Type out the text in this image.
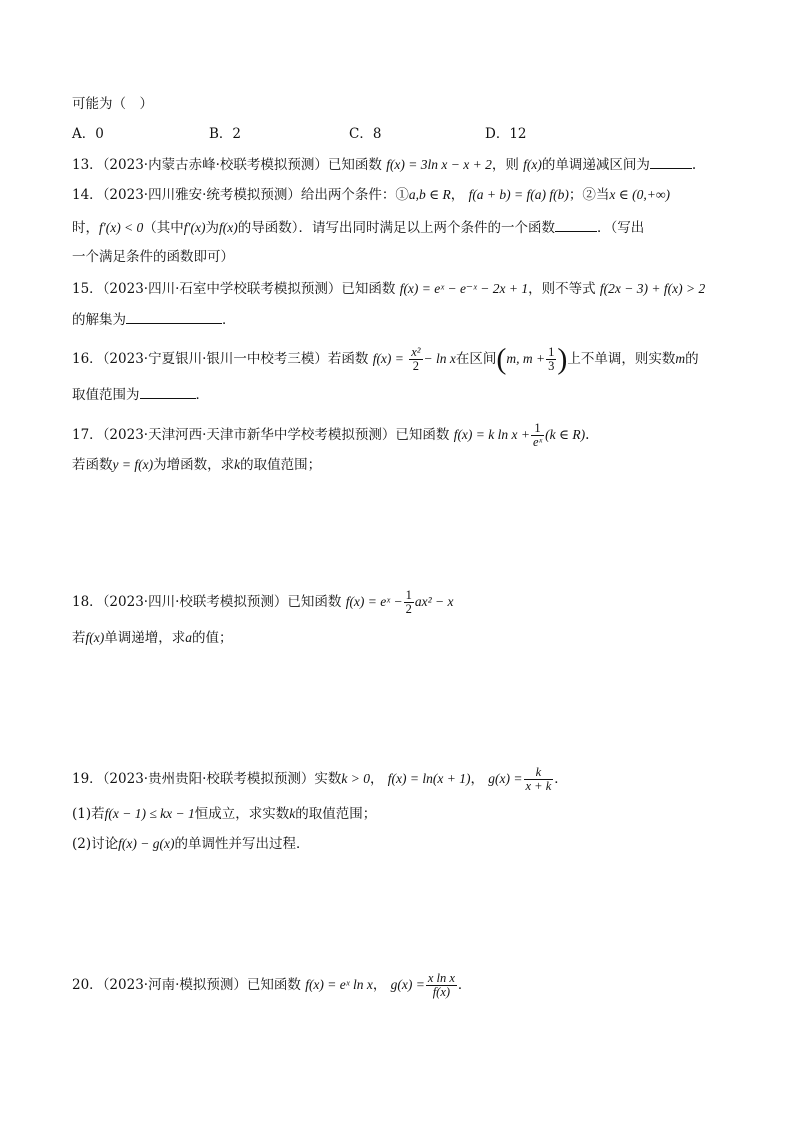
可能为（　）
A．0	B．2	C．8	D．12
13．（2023·内蒙古赤峰·校联考模拟预测）已知函数 f(x) = 3ln x − x + 2，则 f(x)的单调递减区间为	.
14．（2023·四川雅安·统考模拟预测）给出两个条件：①a,b ∈ R， f(a + b) = f(a) f(b)；②当x ∈ (0,+∞)
时，f′(x) < 0（其中f′(x)为f(x)的导函数）．请写出同时满足以上两个条件的一个函数	．（写出
一个满足条件的函数即可）
15．（2023·四川·石室中学校联考模拟预测）已知函数 f(x) = eˣ − e⁻ˣ − 2x + 1，则不等式 f(2x − 3) + f(x) > 2
的解集为	．
16．（2023·宁夏银川·银川一中校考三模）若函数 $f(x) = \frac{\text{x²}}{2} - \ln x$在区间(m, $m + \frac{1}{3}$ )上不单调，则实数m的
取值范围为	．
17．（2023·天津河西·天津市新华中学校考模拟预测）已知函数 f(x) = k $\ln x + \frac{1}{\text{eˣ}} (k$ ∈ R).
若函数y = f(x)为增函数，求k的取值范围；
18．（2023·四川·校联考模拟预测）已知函数 f(x) = eˣ − $\frac{1}{2} ax^2 - x$
若f(x)单调递增，求a的值；
19．（2023·贵州贵阳·校联考模拟预测）实数k > 0， f(x) = ln(x + 1)， $g(x) = \frac{k}{x + k}$ ．
(1)若f(x − 1) ≤ kx − 1恒成立，求实数k的取值范围；
(2)讨论f(x) − g(x)的单调性并写出过程．
20．（2023·河南·模拟预测）已知函数 f(x) = eˣ ln x， $g(x) = \frac{\text{x ln x}}{f(x)}$ ．
